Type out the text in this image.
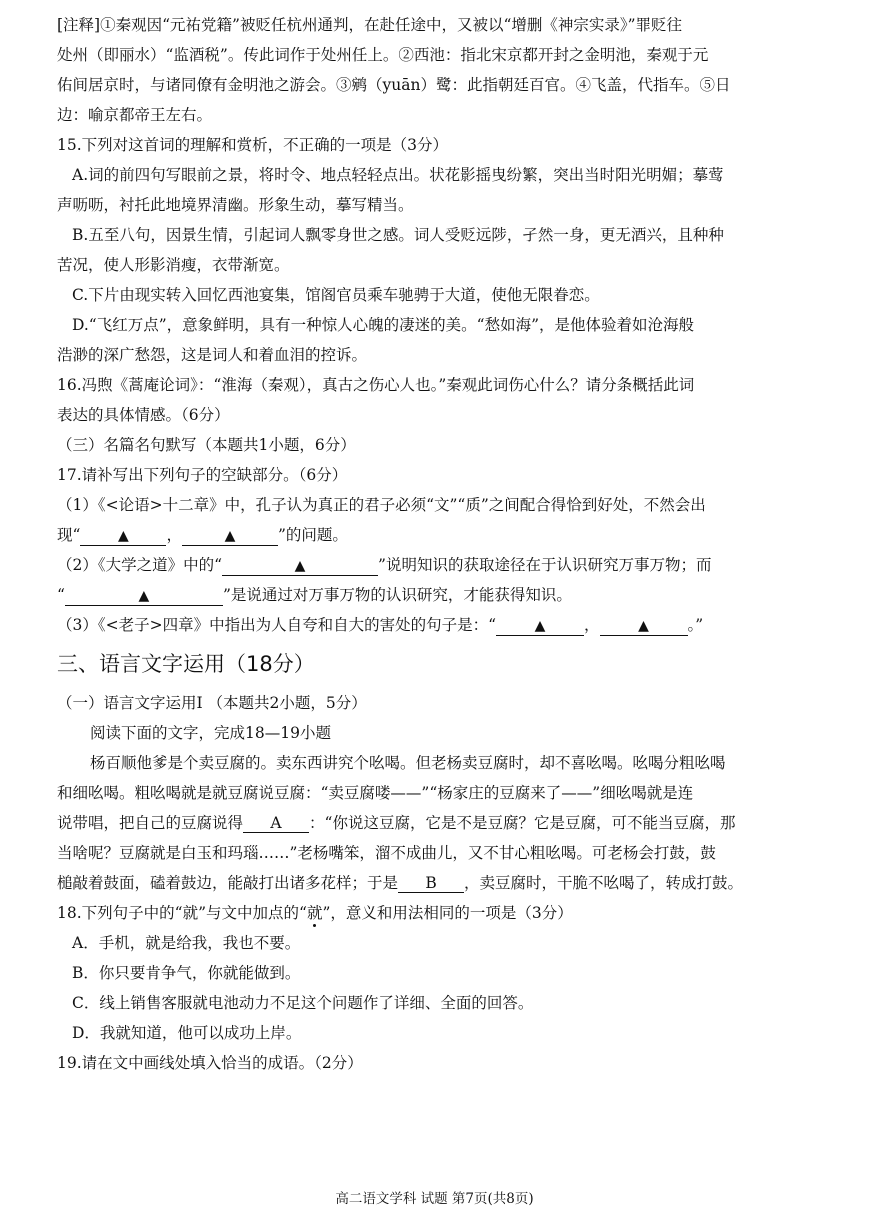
[注释]①秦观因“元祐党籍”被贬任杭州通判，在赴任途中，又被以“增删《神宗实录》”罪贬往
处州（即丽水）“监酒税”。传此词作于处州任上。②西池：指北宋京都开封之金明池，秦观于元
佑间居京时，与诸同僚有金明池之游会。③鹓（yuān）鹭：此指朝廷百官。④飞盖，代指车。⑤日
边：喻京都帝王左右。
15.下列对这首词的理解和赏析，不正确的一项是（3分）
A.词的前四句写眼前之景，将时令、地点轻轻点出。状花影摇曳纷繁，突出当时阳光明媚；摹莺
声呖呖，衬托此地境界清幽。形象生动，摹写精当。
B.五至八句，因景生情，引起词人飘零身世之感。词人受贬远陟，孑然一身，更无酒兴，且种种
苦况，使人形影消瘦，衣带渐宽。
C.下片由现实转入回忆西池宴集，馆阁官员乘车驰骋于大道，使他无限眷恋。
D.“飞红万点”，意象鲜明，具有一种惊人心魄的凄迷的美。“愁如海”，是他体验着如沧海般
浩渺的深广愁怨，这是词人和着血泪的控诉。
16.冯煦《蒿庵论词》：“淮海（秦观），真古之伤心人也。”秦观此词伤心什么？请分条概括此词
表达的具体情感。（6分）
（三）名篇名句默写（本题共1小题，6分）
17.请补写出下列句子的空缺部分。（6分）
（1）《<论语>十二章》中，孔子认为真正的君子必须“文”“质”之间配合得恰到好处，不然会出
现“	▲ ，	▲	”的问题。
（2）《大学之道》中的“	▲	”说明知识的获取途径在于认识研究万事万物；而
“	▲	”是说通过对万事万物的认识研究，才能获得知识。
（3）《<老子>四章》中指出为人自夸和自大的害处的句子是：“	▲ ，	▲ 。”
三、语言文字运用（18分）
（一）语言文字运用Ⅰ （本题共2小题，5分）
阅读下面的文字，完成18—19小题
杨百顺他爹是个卖豆腐的。卖东西讲究个吆喝。但老杨卖豆腐时，却不喜吆喝。吆喝分粗吆喝
和细吆喝。粗吆喝就是就豆腐说豆腐：“卖豆腐喽——”“杨家庄的豆腐来了——”细吆喝就是连
说带唱，把自己的豆腐说得 A ：“你说这豆腐，它是不是豆腐？它是豆腐，可不能当豆腐，那
当啥呢？豆腐就是白玉和玛瑙……”老杨嘴笨，溜不成曲儿，又不甘心粗吆喝。可老杨会打鼓，鼓
槌敲着鼓面，磕着鼓边，能敲打出诸多花样；于是 B ，卖豆腐时，干脆不吆喝了，转成打鼓。
18.下列句子中的“就”与文中加点的“就”，意义和用法相同的一项是（3分）
A．手机，就是给我，我也不要。
B．你只要肯争气，你就能做到。
C．线上销售客服就电池动力不足这个问题作了详细、全面的回答。
D．我就知道，他可以成功上岸。
19.请在文中画线处填入恰当的成语。（2分）
高二语文学科 试题 第7页(共8页)
